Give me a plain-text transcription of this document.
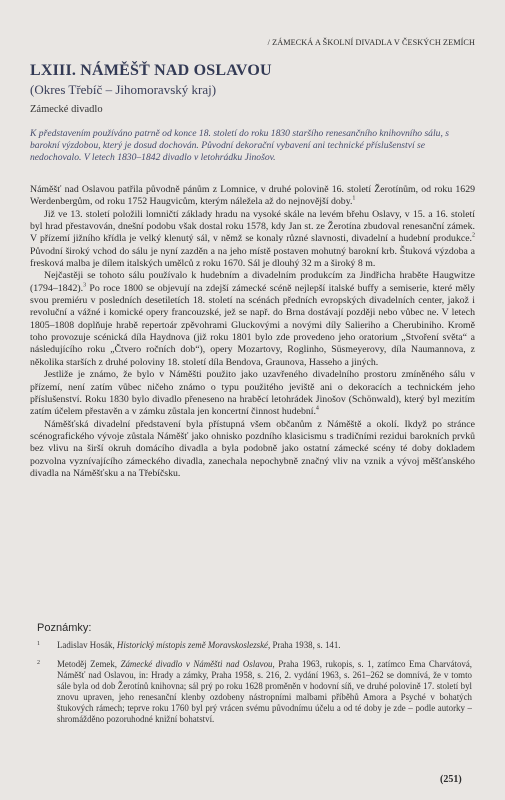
/ ZÁMECKÁ A ŠKOLNÍ DIVADLA V ČESKÝCH ZEMÍCH
LXIII. NÁMĚŠŤ NAD OSLAVOU
(Okres Třebíč – Jihomoravský kraj)
Zámecké divadlo
K představením používáno patrně od konce 18. století do roku 1830 staršího renesančního knihovního sálu, s barokní výzdobou, který je dosud dochován. Původní dekorační vybavení ani technické příslušenství se nedochovalo. V letech 1830–1842 divadlo v letohrádku Jinošov.

Náměšť nad Oslavou patřila původně pánům z Lomnice, v druhé polovině 16. století Žerotínům, od roku 1629 Werdenbergům, od roku 1752 Haugvicům, kterým náležela až do nejnovější doby.$^1$

Již ve 13. století položili lomničtí základy hradu na vysoké skále na levém břehu Oslavy, v 15. a 16. století byl hrad přestavován, dnešní podobu však dostal roku 1578, kdy Jan st. ze Žerotína zbudoval renesanční zámek. V přízemí jižního křídla je velký klenutý sál, v němž se konaly různé slavnosti, divadelní a hudební produkce.$^2$ Původní široký vchod do sálu je nyní zazděn a na jeho místě postaven mohutný barokní krb. Štuková výzdoba a fresková malba je dílem italských umělců z roku 1670. Sál je dlouhý 32 m a široký 8 m.

Nejčastěji se tohoto sálu používalo k hudebním a divadelním produkcím za Jindřicha hraběte Haugwitze (1794–1842).$^3$ Po roce 1800 se objevují na zdejší zámecké scéně nejlepší italské buffy a semiserie, které měly svou premiéru v posledních desetiletích 18. století na scénách předních evropských divadelních center, jakož i revoluční a vážné i komické opery francouzské, jež se např. do Brna dostávají později nebo vůbec ne. V letech 1805–1808 doplňuje hrabě repertoár zpěvohrami Gluckovými a novými díly Salieriho a Cherubiniho. Kromě toho provozuje scénická díla Haydnova (již roku 1801 bylo zde provedeno jeho oratorium „Stvoření světa“ a následujícího roku „Čtvero ročních dob“), opery Mozartovy, Roglinho, Süsmeyerovy, díla Naumannova, z několika starších z druhé poloviny 18. století díla Bendova, Graunova, Hasseho a jiných.

Jestliže je známo, že bylo v Náměšti použito jako uzavřeného divadelního prostoru zmíněného sálu v přízemí, není zatím vůbec ničeho známo o typu použitého jeviště ani o dekoracích a technickém jeho příslušenství. Roku 1830 bylo divadlo přeneseno na hraběcí letohrádek Jinošov (Schönwald), který byl mezitím zatím účelem přestavěn a v zámku zůstala jen koncertní činnost hudební.$^4$

Náměšťská divadelní představení byla přístupná všem občanům z Náměště a okolí. Ikdyž po stránce scénografického vývoje zůstala Náměšť jako ohnisko pozdního klasicismu s tradičními rezidui barokních prvků bez vlivu na širší okruh domácího divadla a byla podobně jako ostatní zámecké scény té doby dokladem pozvolna vyznívajícího zámeckého divadla, zanechala nepochybně značný vliv na vznik a vývoj měšťanského divadla na Náměšťsku a na Třebíčsku.

Poznámky:
1 Ladislav Hosák, Historický místopis země Moravskoslezské, Praha 1938, s. 141.
2 Metoděj Zemek, Zámecké divadlo v Náměšti nad Oslavou, Praha 1963, rukopis, s. 1, zatímco Ema Charvátová, Náměšť nad Oslavou, in: Hrady a zámky, Praha 1958, s. 216, 2. vydání 1963, s. 261–262 se domnívá, že v tomto sále byla od dob Žerotínů knihovna; sál prý po roku 1628 proměněn v hodovní síň, ve druhé polovině 17. století byl znovu upraven, jeho renesanční klenby ozdobeny nástropními malbami příběhů Amora a Psyché v bohatých štukových rámech; teprve roku 1760 byl prý vrácen svému původnímu účelu a od té doby je zde – podle autorky – shromážděno pozoruhodné knižní bohatství.
(251)
